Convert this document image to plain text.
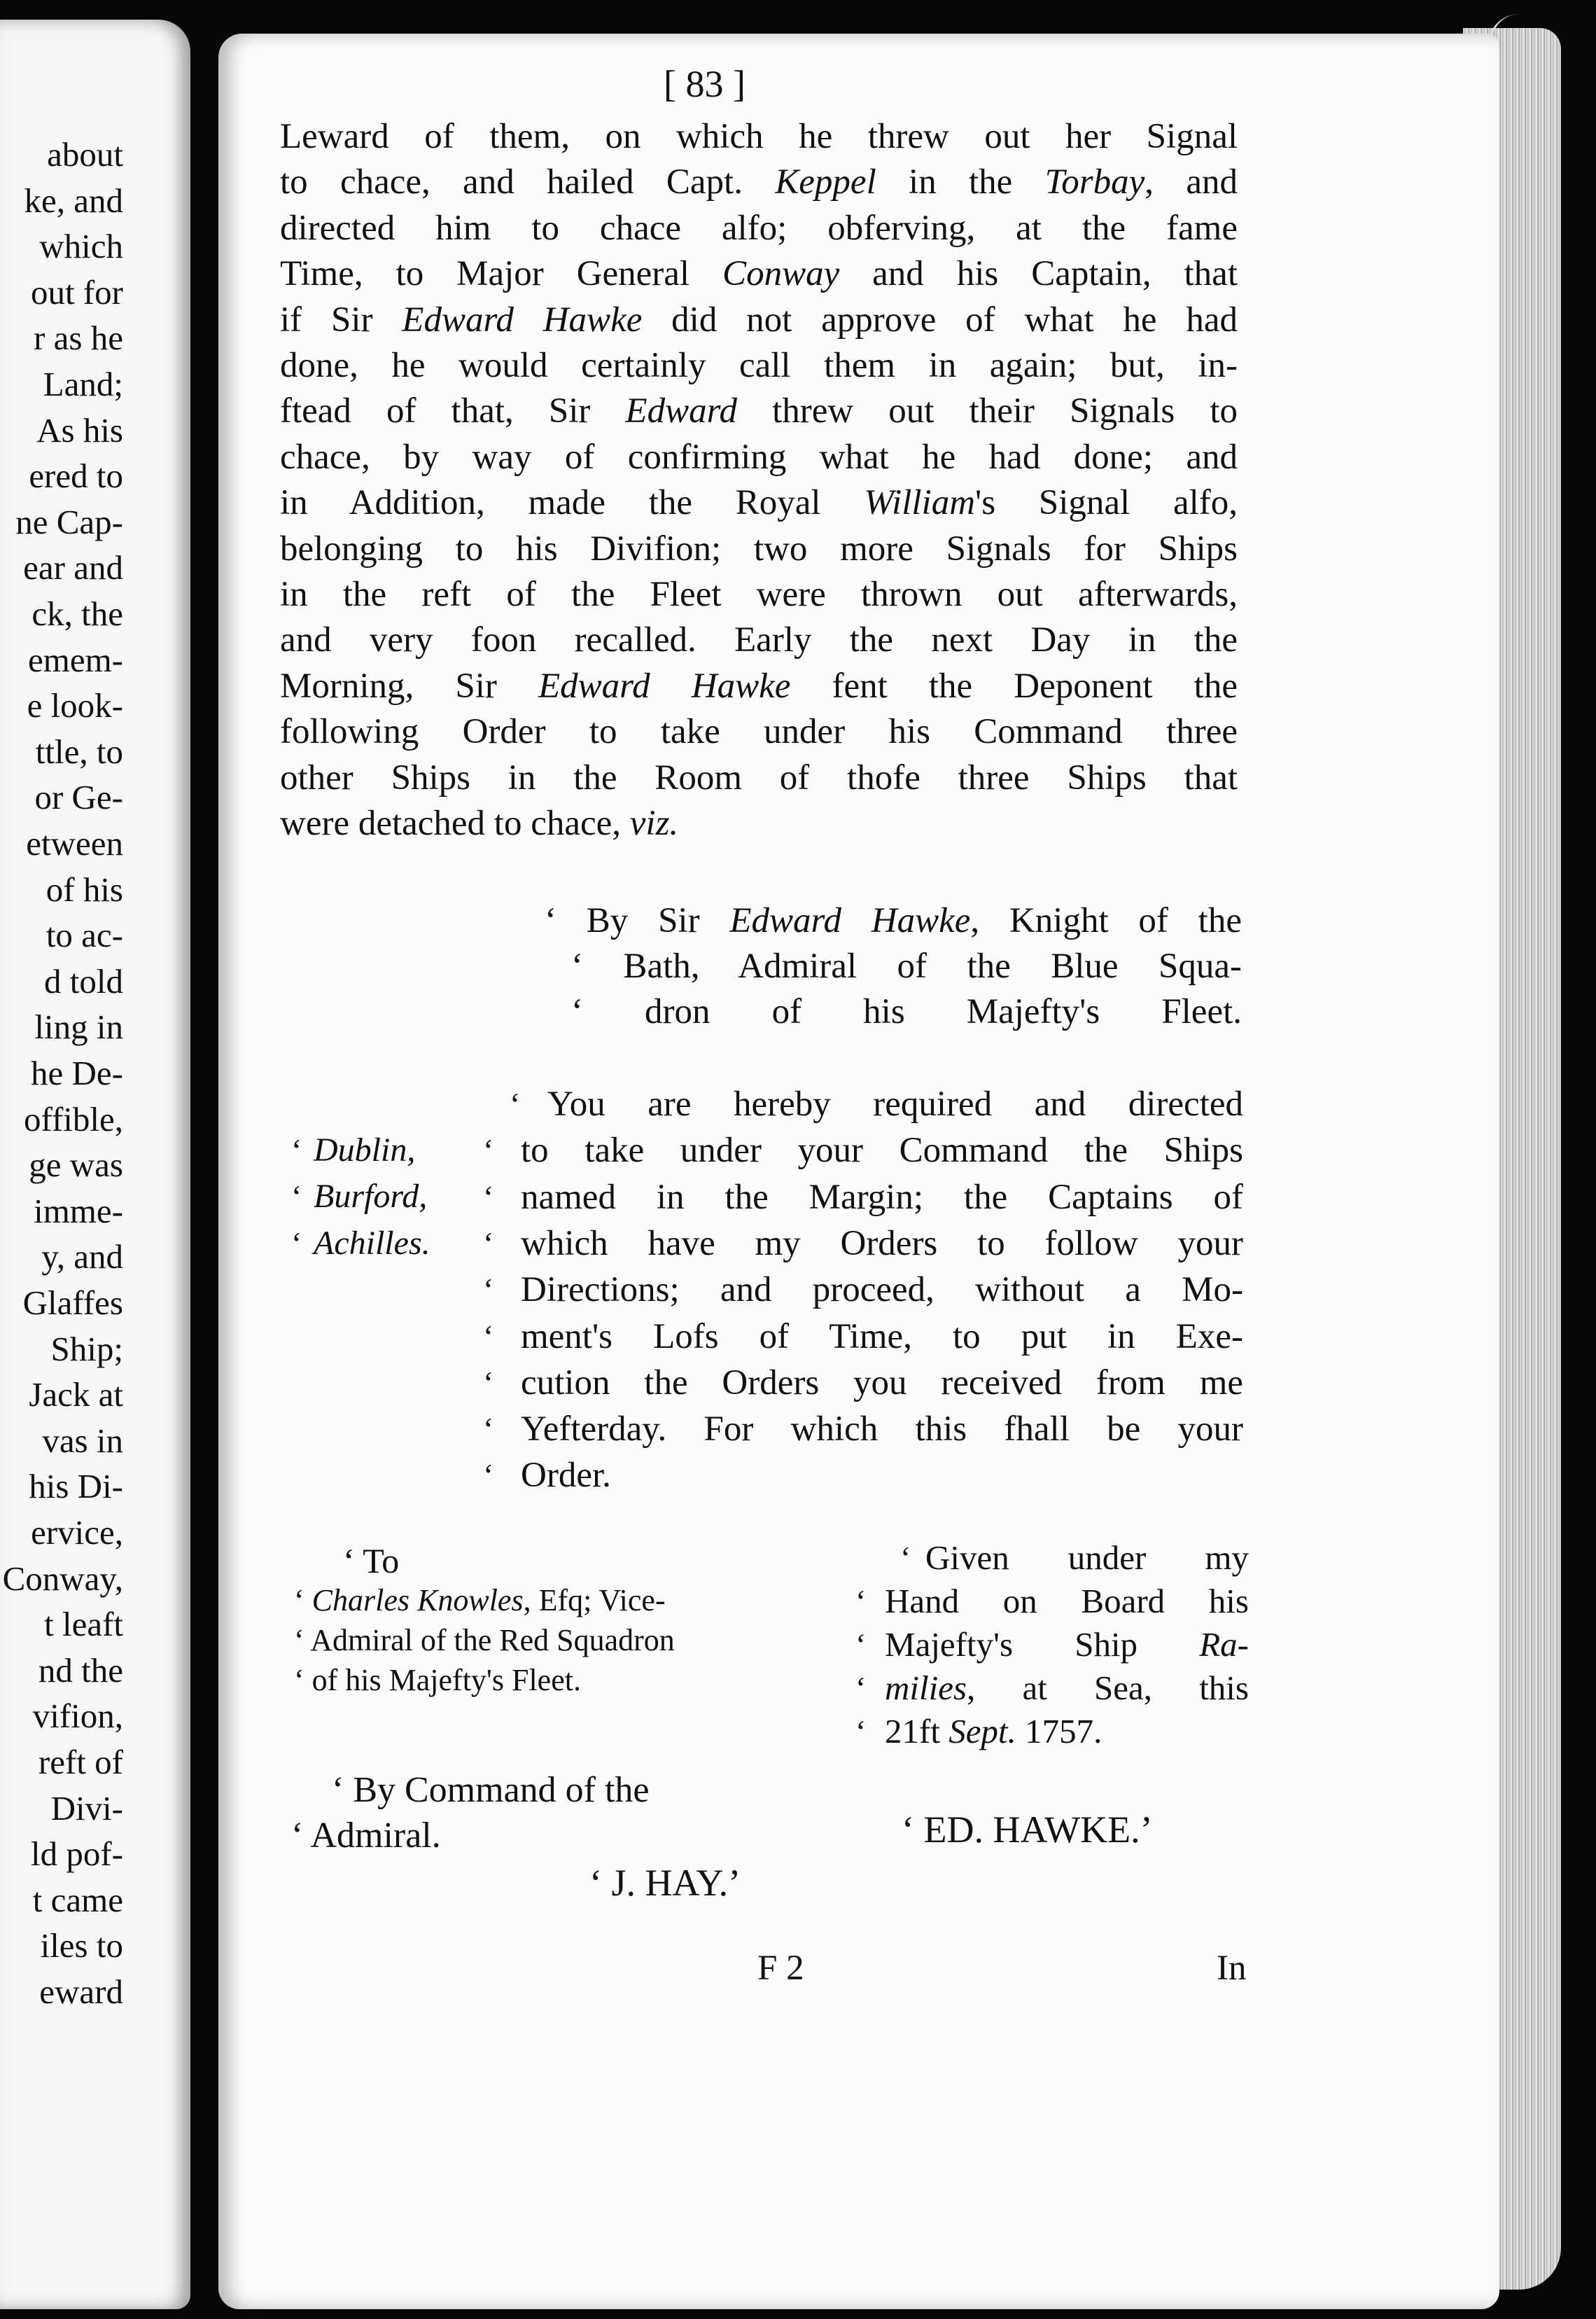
about
ke, and
which
out for
r as he
Land;
As his
ered to
ne Cap-
ear and
ck, the
emem-
e look-
ttle, to
or Ge-
etween
of his
to ac-
d told
ling in
he De-
offible,
ge was
imme-
y, and
Glaffes
Ship;
Jack at
vas in
his Di-
ervice,
Conway,
t leaft
nd the
vifion,
reft of
Divi-
ld pof-
t came
iles to
eward
[ 83 ]
Leward of them, on which he threw out her Signal
to chace, and hailed Capt. Keppel in the Torbay, and
directed him to chace alfo; obferving, at the fame
Time, to Major General Conway and his Captain, that
if Sir Edward Hawke did not approve of what he had
done, he would certainly call them in again; but, in-
ftead of that, Sir Edward threw out their Signals to
chace, by way of confirming what he had done; and
in Addition, made the Royal William's Signal alfo,
belonging to his Divifion; two more Signals for Ships
in the reft of the Fleet were thrown out afterwards,
and very foon recalled. Early the next Day in the
Morning, Sir Edward Hawke fent the Deponent the
following Order to take under his Command three
other Ships in the Room of thofe three Ships that
were detached to chace, viz.
‘ By Sir Edward Hawke, Knight of the
‘ Bath, Admiral of the Blue Squa-
‘ dron of his Majefty's Fleet.
‘ You are hereby required and directed
‘ to take under your Command the Ships
‘ named in the Margin; the Captains of
‘ which have my Orders to follow your
‘ Directions; and proceed, without a Mo-
‘ ment's Lofs of Time, to put in Exe-
‘ cution the Orders you received from me
‘ Yefterday. For which this fhall be your
‘ Order.
‘ Dublin,
‘ Burford,
‘ Achilles.
‘ To
‘ Charles Knowles, Efq; Vice-
‘ Admiral of the Red Squadron
‘ of his Majefty's Fleet.
‘ Given under my
‘ Hand on Board his
‘ Majefty's Ship Ra-
‘ milies, at Sea, this
‘ 21ft Sept. 1757.
‘ By Command of the
‘ Admiral.	‘ ED. HAWKE.’
‘ J. HAY.’
F 2	In
